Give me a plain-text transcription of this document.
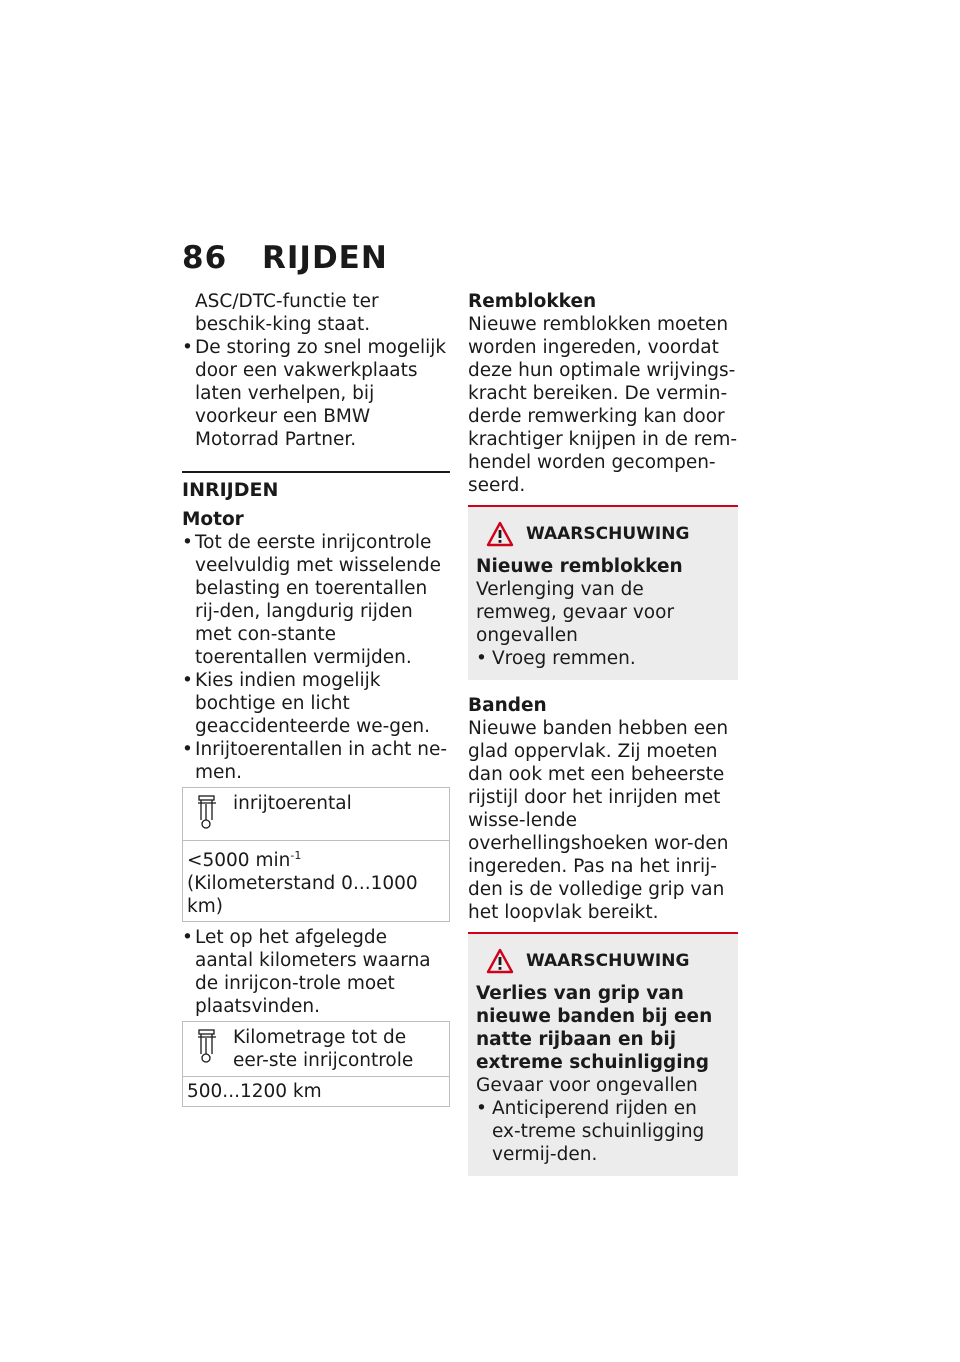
86 RIJDEN

ASC/DTC-functie ter beschik-king staat.

• De storing zo snel mogelijk door een vakwerkplaats laten verhelpen, bij voorkeur een BMW Motorrad Partner.
INRIJDEN
Motor
• Tot de eerste inrijcontrole veelvuldig met wisselende belasting en toerentallen rij-den, langdurig rijden met con-stante toerentallen vermijden.
• Kies indien mogelijk bochtige en licht geaccidenteerde we-gen.
• Inrijtoerentallen in acht ne-men.
inrijtoerental
<5000 $\min^{-1}$ (Kilometerstand 0...1000 km)
• Let op het afgelegde aantal kilometers waarna de inrijcon-trole moet plaatsvinden.
Kilometrage tot de eer-ste inrijcontrole
500...1200 km
Remblokken

Nieuwe remblokken moeten worden ingereden, voordat deze hun optimale wrijvings-kracht bereiken. De vermin-derde remwerking kan door krachtiger knijpen in de rem-hendel worden gecompen-seerd.

WAARSCHUWING
Nieuwe remblokken

Verlenging van de remweg, gevaar voor ongevallen

• Vroeg remmen.
Banden

Nieuwe banden hebben een glad oppervlak. Zij moeten dan ook met een beheerste rijstijl door het inrijden met wisse-lende overhellingshoeken wor-den ingereden. Pas na het inrij-den is de volledige grip van het loopvlak bereikt.

WAARSCHUWING
Verlies van grip van nieuwe banden bij een natte rijbaan en bij extreme schuinligging

Gevaar voor ongevallen

• Anticiperend rijden en ex-treme schuinligging vermij-den.
